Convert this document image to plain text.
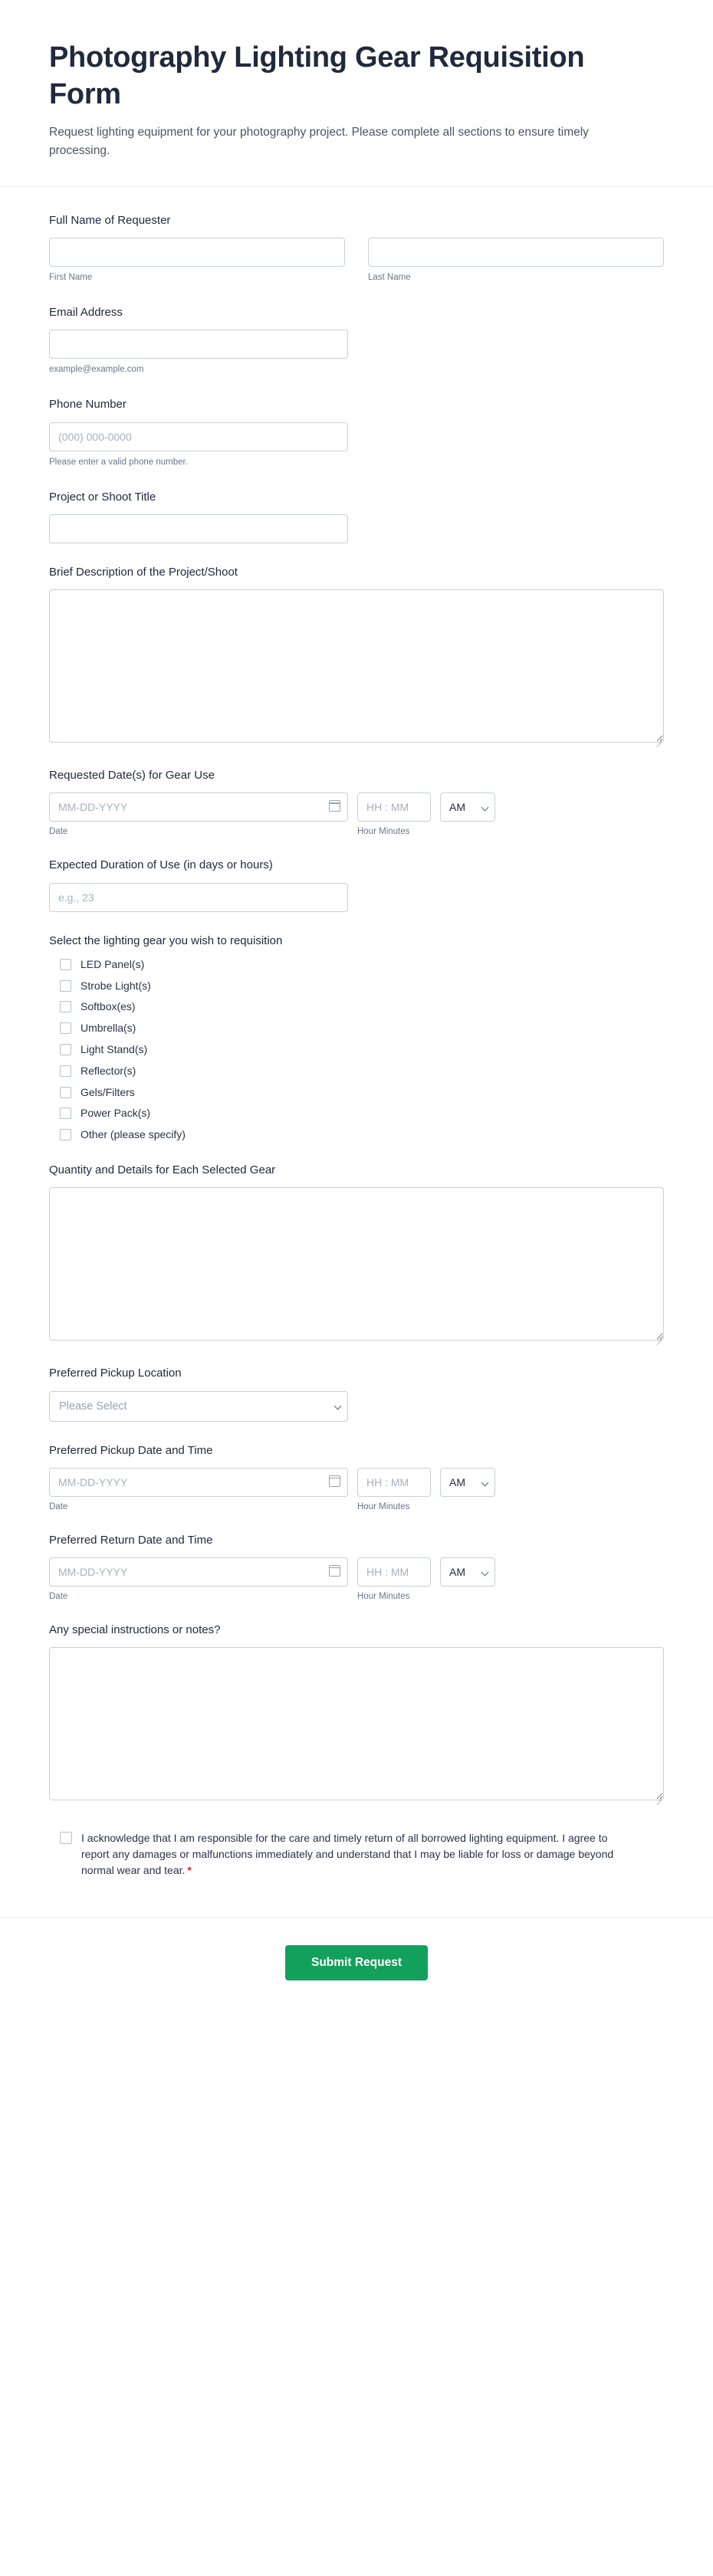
Photography Lighting Gear Requisition Form

Request lighting equipment for your photography project. Please complete all sections to ensure timely processing.

Full Name of Requester
First Name	Last Name
Email Address
example@example.com
Phone Number
(000) 000-0000
Please enter a valid phone number.
Project or Shoot Title
Brief Description of the Project/Shoot
Requested Date(s) for Gear Use
MM-DD-YYYY
HH : MM
AM
Date	Hour Minutes
Expected Duration of Use (in days or hours)
e.g., 23
Select the lighting gear you wish to requisition
LED Panel(s)
Strobe Light(s)
Softbox(es)
Umbrella(s)
Light Stand(s)
Reflector(s)
Gels/Filters
Power Pack(s)
Other (please specify)
Quantity and Details for Each Selected Gear
Preferred Pickup Location
Please Select
Preferred Pickup Date and Time
MM-DD-YYYY
HH : MM
AM
Date	Hour Minutes
Preferred Return Date and Time
MM-DD-YYYY
HH : MM
AM
Date	Hour Minutes
Any special instructions or notes?
I acknowledge that I am responsible for the care and timely return of all borrowed lighting equipment. I agree to report any damages or malfunctions immediately and understand that I may be liable for loss or damage beyond normal wear and tear. *
Submit Request
